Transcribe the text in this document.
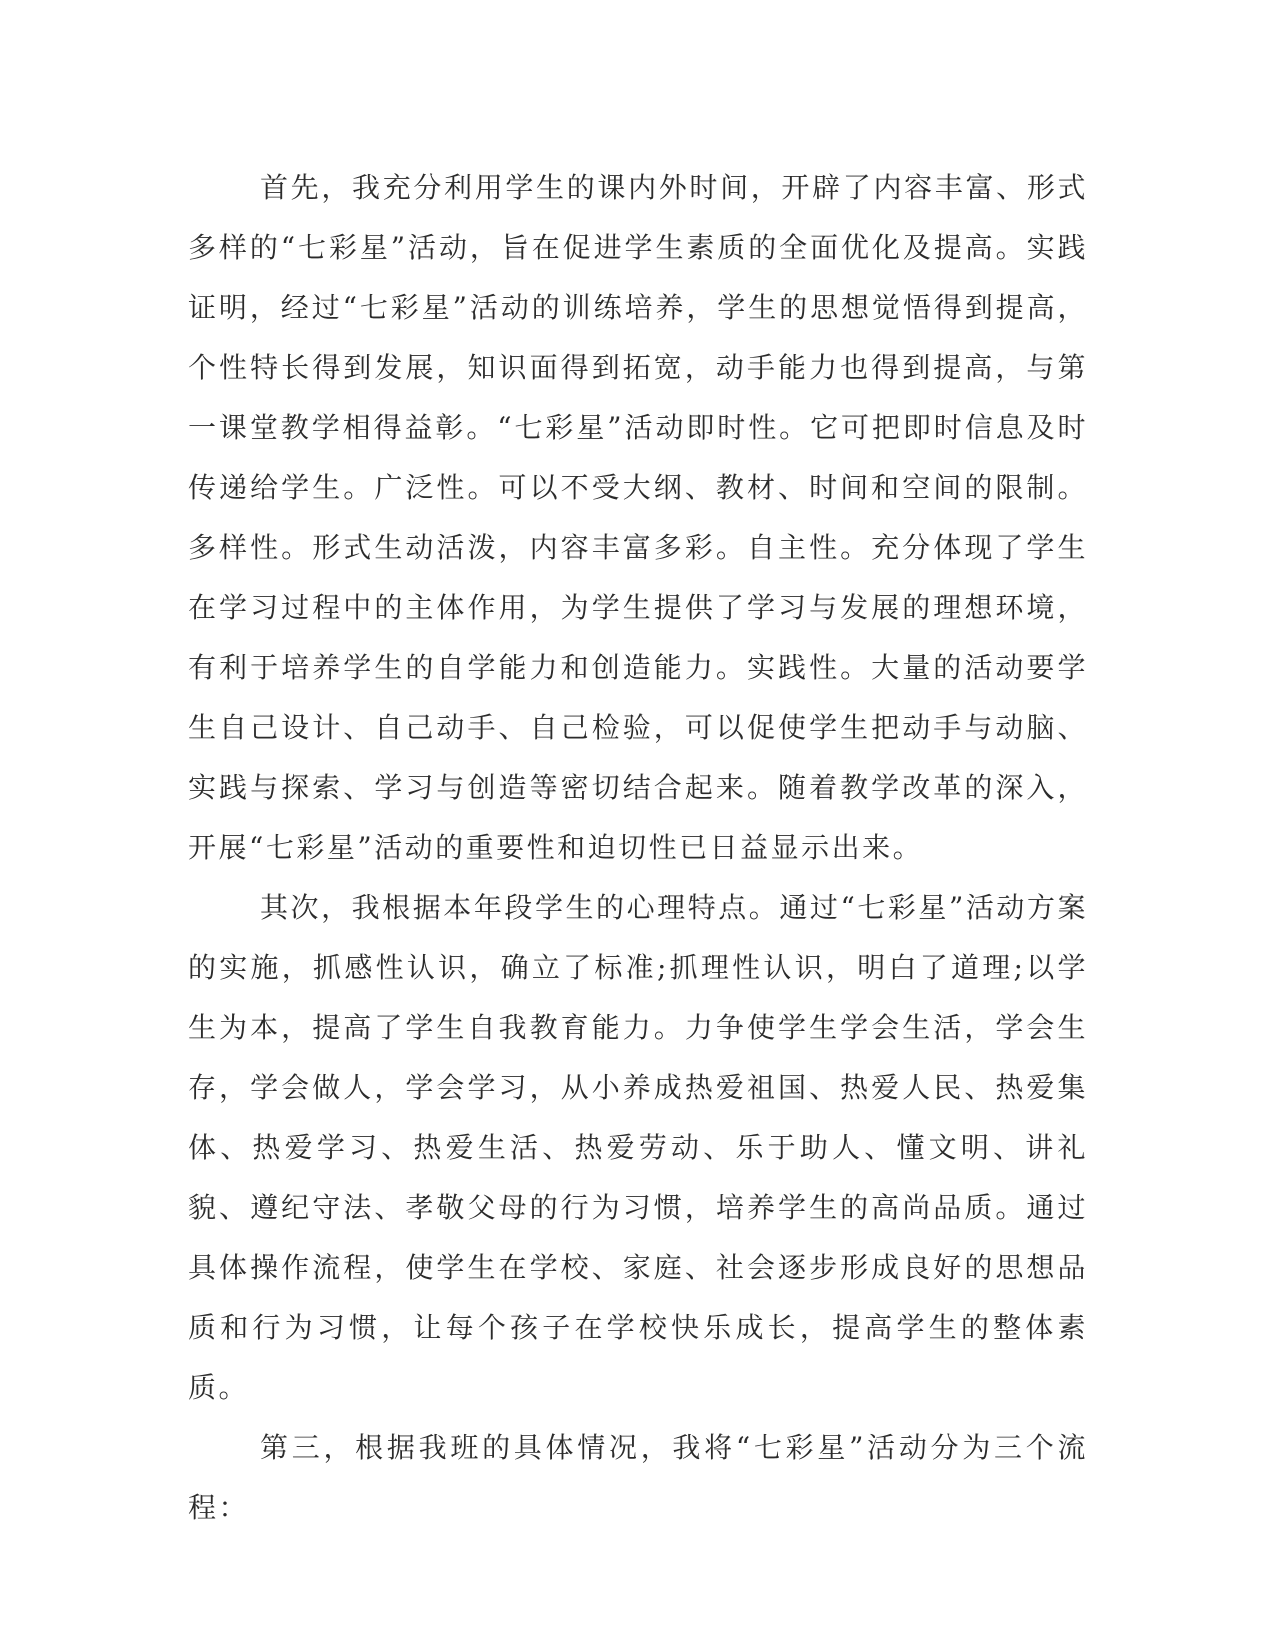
首先，我充分利用学生的课内外时间，开辟了内容丰富、形式多样的“七彩星”活动，旨在促进学生素质的全面优化及提高。实践证明，经过“七彩星”活动的训练培养，学生的思想觉悟得到提高，个性特长得到发展，知识面得到拓宽，动手能力也得到提高，与第一课堂教学相得益彰。“七彩星”活动即时性。它可把即时信息及时传递给学生。广泛性。可以不受大纲、教材、时间和空间的限制。多样性。形式生动活泼，内容丰富多彩。自主性。充分体现了学生在学习过程中的主体作用，为学生提供了学习与发展的理想环境，有利于培养学生的自学能力和创造能力。实践性。大量的活动要学生自己设计、自己动手、自己检验，可以促使学生把动手与动脑、实践与探索、学习与创造等密切结合起来。随着教学改革的深入，开展“七彩星”活动的重要性和迫切性已日益显示出来。

其次，我根据本年段学生的心理特点。通过“七彩星”活动方案的实施，抓感性认识，确立了标准;抓理性认识，明白了道理;以学生为本，提高了学生自我教育能力。力争使学生学会生活，学会生存，学会做人，学会学习，从小养成热爱祖国、热爱人民、热爱集体、热爱学习、热爱生活、热爱劳动、乐于助人、懂文明、讲礼貌、遵纪守法、孝敬父母的行为习惯，培养学生的高尚品质。通过具体操作流程，使学生在学校、家庭、社会逐步形成良好的思想品质和行为习惯，让每个孩子在学校快乐成长，提高学生的整体素质。

第三，根据我班的具体情况，我将“七彩星”活动分为三个流程：
